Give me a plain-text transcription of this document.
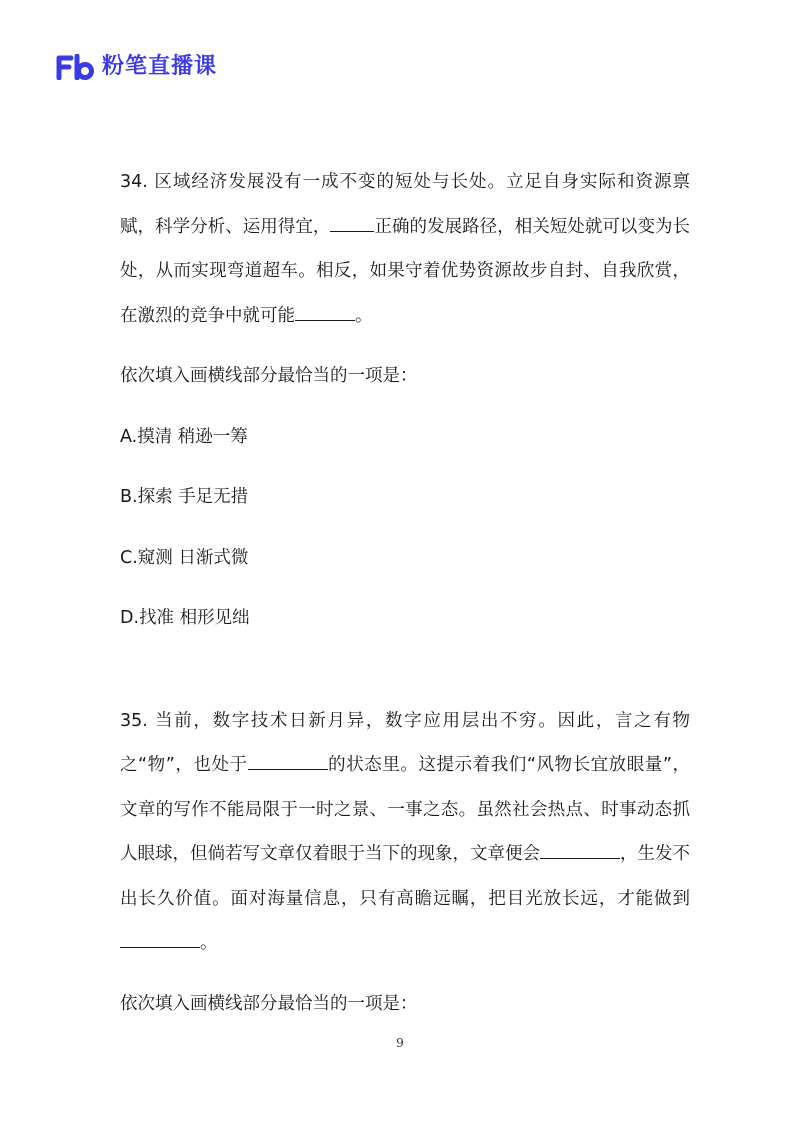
粉笔直播课

34. 区域经济发展没有一成不变的短处与长处。立足自身实际和资源禀赋，科学分析、运用得宜，	正确的发展路径，相关短处就可以变为长处，从而实现弯道超车。相反，如果守着优势资源故步自封、自我欣赏，在激烈的竞争中就可能	。

依次填入画横线部分最恰当的一项是：

A.摸清 稍逊一筹
B.探索 手足无措
C.窥测 日渐式微
D.找准 相形见绌

35. 当前，数字技术日新月异，数字应用层出不穷。因此，言之有物之“物”，也处于	的状态里。这提示着我们“风物长宜放眼量”，文章的写作不能局限于一时之景、一事之态。虽然社会热点、时事动态抓人眼球，但倘若写文章仅着眼于当下的现象，文章便会	，生发不出长久价值。面对海量信息，只有高瞻远瞩，把目光放长远，才能做到。

依次填入画横线部分最恰当的一项是：

9
